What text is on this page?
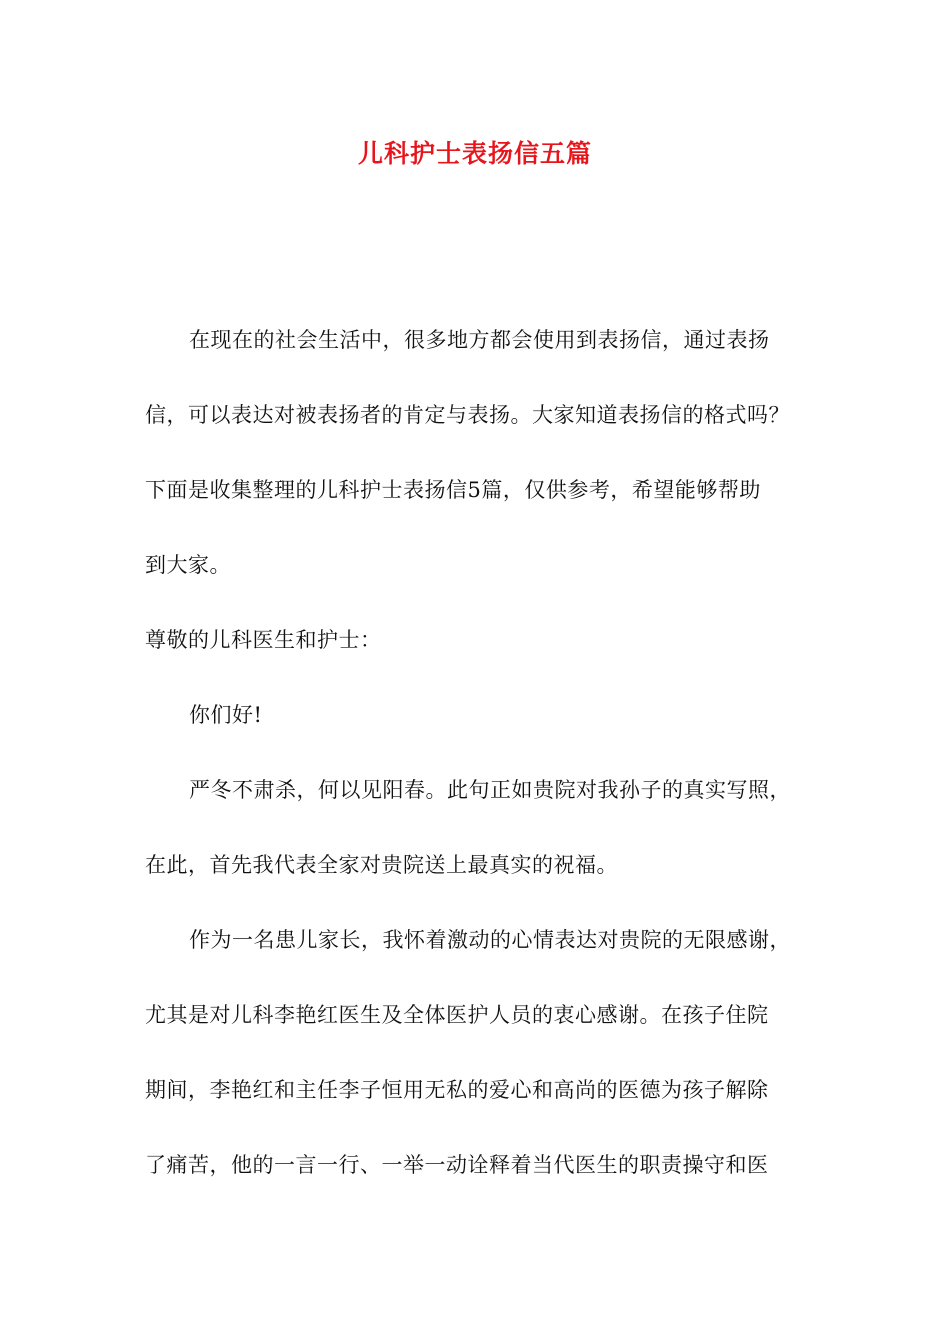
儿科护士表扬信五篇
在现在的社会生活中，很多地方都会使用到表扬信，通过表扬
信，可以表达对被表扬者的肯定与表扬。大家知道表扬信的格式吗？
下面是收集整理的儿科护士表扬信5篇，仅供参考，希望能够帮助
到大家。
尊敬的儿科医生和护士：
你们好!
严冬不肃杀，何以见阳春。此句正如贵院对我孙子的真实写照，
在此，首先我代表全家对贵院送上最真实的祝福。
作为一名患儿家长，我怀着激动的心情表达对贵院的无限感谢，
尤其是对儿科李艳红医生及全体医护人员的衷心感谢。在孩子住院
期间，李艳红和主任李子恒用无私的爱心和高尚的医德为孩子解除
了痛苦，他的一言一行、一举一动诠释着当代医生的职责操守和医
